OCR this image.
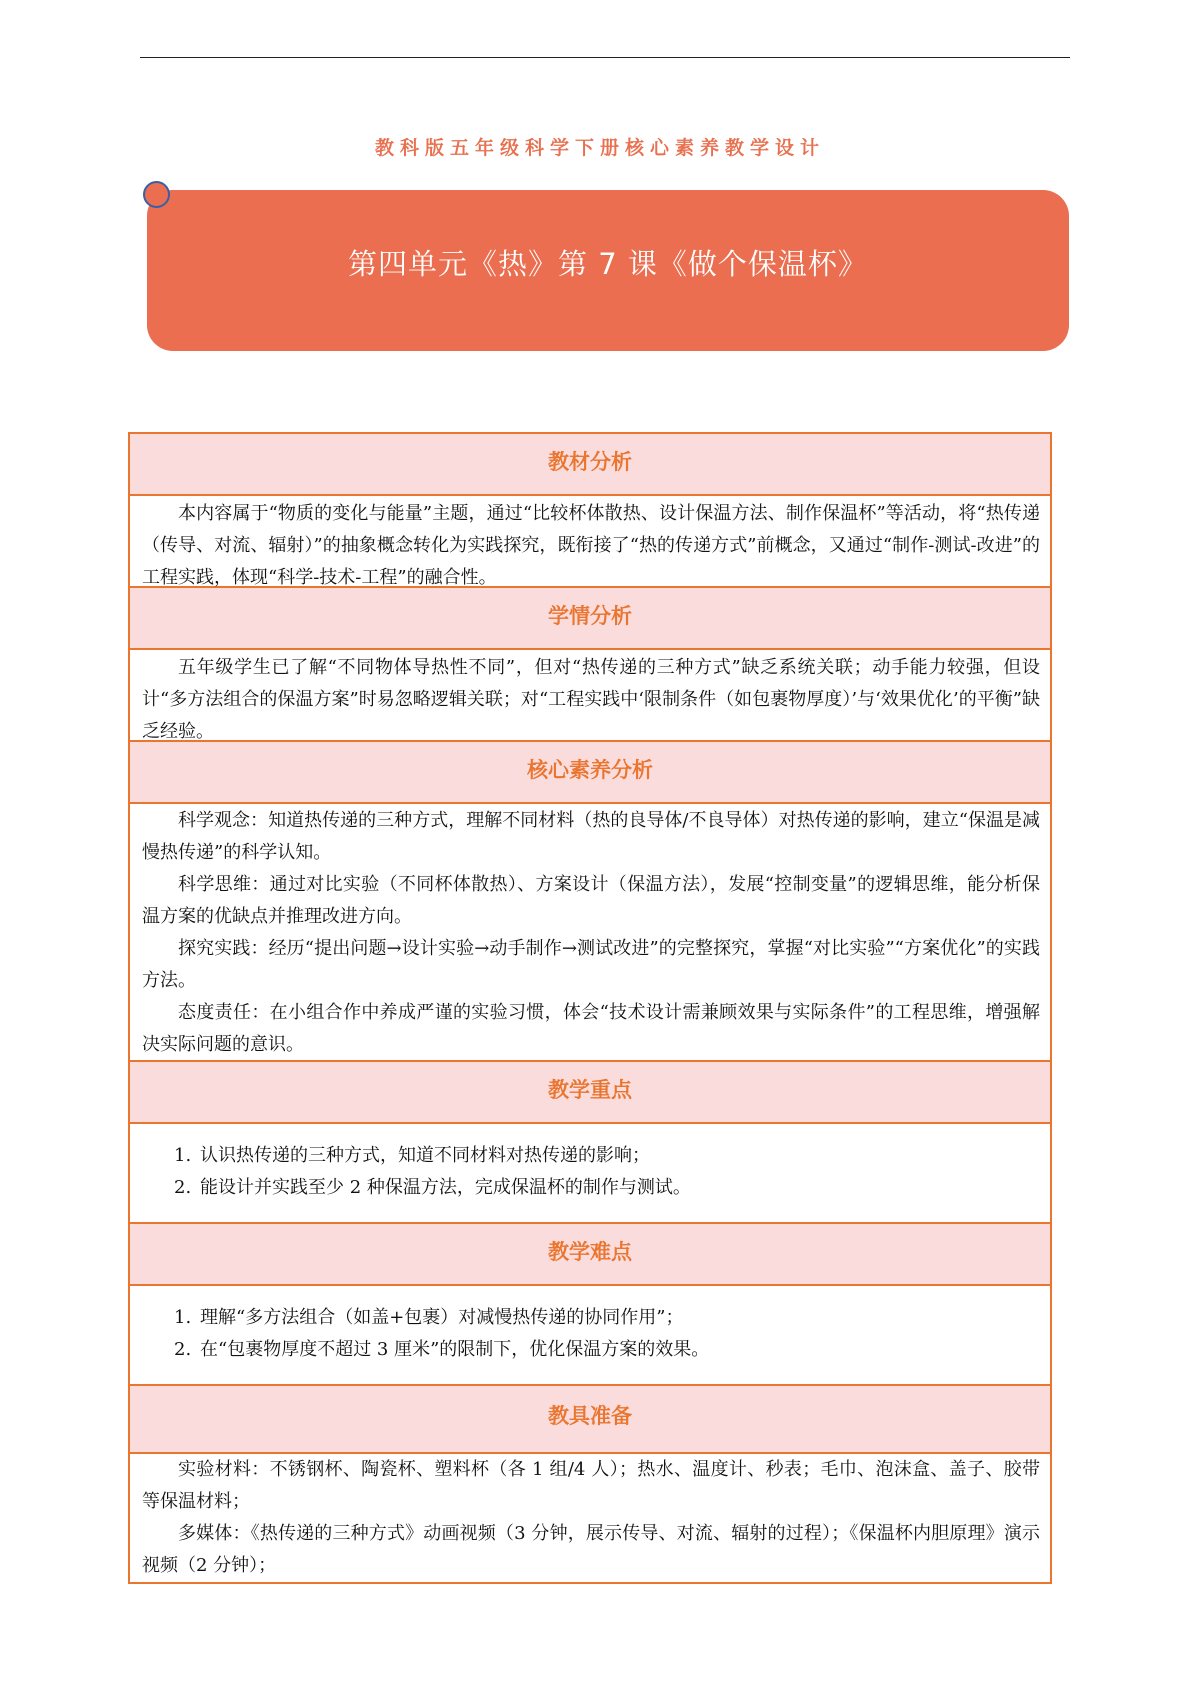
教科版五年级科学下册核心素养教学设计
第四单元《热》第 7 课《做个保温杯》
教材分析

本内容属于“物质的变化与能量”主题，通过“比较杯体散热、设计保温方法、制作保温杯”等活动，将“热传递（传导、对流、辐射）”的抽象概念转化为实践探究，既衔接了“热的传递方式”前概念，又通过“制作-测试-改进”的工程实践，体现“科学-技术-工程”的融合性。

学情分析

五年级学生已了解“不同物体导热性不同”，但对“热传递的三种方式”缺乏系统关联；动手能力较强，但设计“多方法组合的保温方案”时易忽略逻辑关联；对“工程实践中‘限制条件（如包裹物厚度）’与‘效果优化’的平衡”缺乏经验。

核心素养分析

科学观念：知道热传递的三种方式，理解不同材料（热的良导体/不良导体）对热传递的影响，建立“保温是减慢热传递”的科学认知。

科学思维：通过对比实验（不同杯体散热）、方案设计（保温方法），发展“控制变量”的逻辑思维，能分析保温方案的优缺点并推理改进方向。

探究实践：经历“提出问题→设计实验→动手制作→测试改进”的完整探究，掌握“对比实验”“方案优化”的实践方法。

态度责任：在小组合作中养成严谨的实验习惯，体会“技术设计需兼顾效果与实际条件”的工程思维，增强解决实际问题的意识。

教学重点
1. 认识热传递的三种方式，知道不同材料对热传递的影响；
2. 能设计并实践至少 2 种保温方法，完成保温杯的制作与测试。
教学难点
1. 理解“多方法组合（如盖+包裹）对减慢热传递的协同作用”；
2. 在“包裹物厚度不超过 3 厘米”的限制下，优化保温方案的效果。
教具准备

实验材料：不锈钢杯、陶瓷杯、塑料杯（各 1 组/4 人）；热水、温度计、秒表；毛巾、泡沫盒、盖子、胶带等保温材料；

多媒体：《热传递的三种方式》动画视频（3 分钟，展示传导、对流、辐射的过程）；《保温杯内胆原理》演示视频（2 分钟）；
